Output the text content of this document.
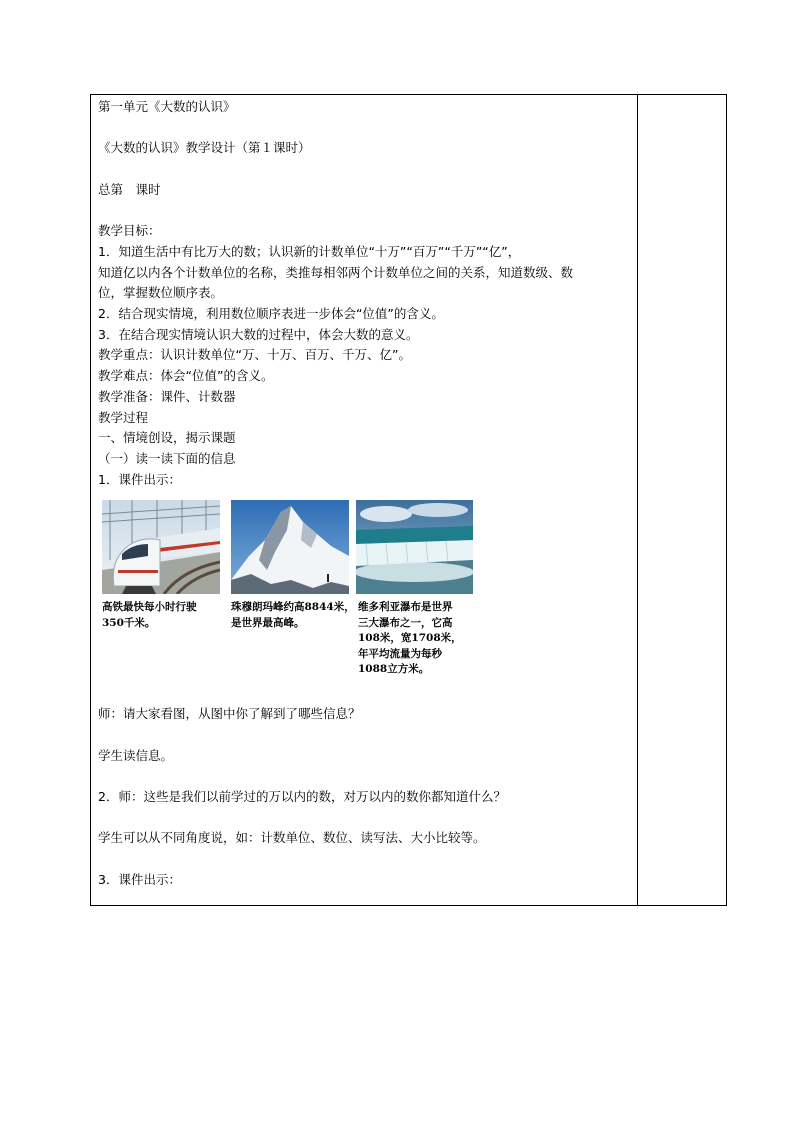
第一单元《大数的认识》

《大数的认识》教学设计（第１课时）

总第　课时

教学目标：

1．知道生活中有比万大的数；认识新的计数单位“十万”“百万”“千万”“亿”，

知道亿以内各个计数单位的名称，类推每相邻两个计数单位之间的关系，知道数级、数

位，掌握数位顺序表。

2．结合现实情境，利用数位顺序表进一步体会“位值”的含义。

3．在结合现实情境认识大数的过程中，体会大数的意义。

教学重点：认识计数单位“万、十万、百万、千万、亿”。

教学难点：体会“位值”的含义。

教学准备：课件、计数器

教学过程

一、情境创设，揭示课题

（一）读一读下面的信息

1．课件出示：

高铁最快每小时行驶
350千米。
珠穆朗玛峰约高8844米，
是世界最高峰。
维多利亚瀑布是世界
三大瀑布之一，它高
108米，宽1708米，
年平均流量为每秒
1088立方米。

师：请大家看图，从图中你了解到了哪些信息？

学生读信息。

2．师：这些是我们以前学过的万以内的数，对万以内的数你都知道什么？

学生可以从不同角度说，如：计数单位、数位、读写法、大小比较等。

3．课件出示：
